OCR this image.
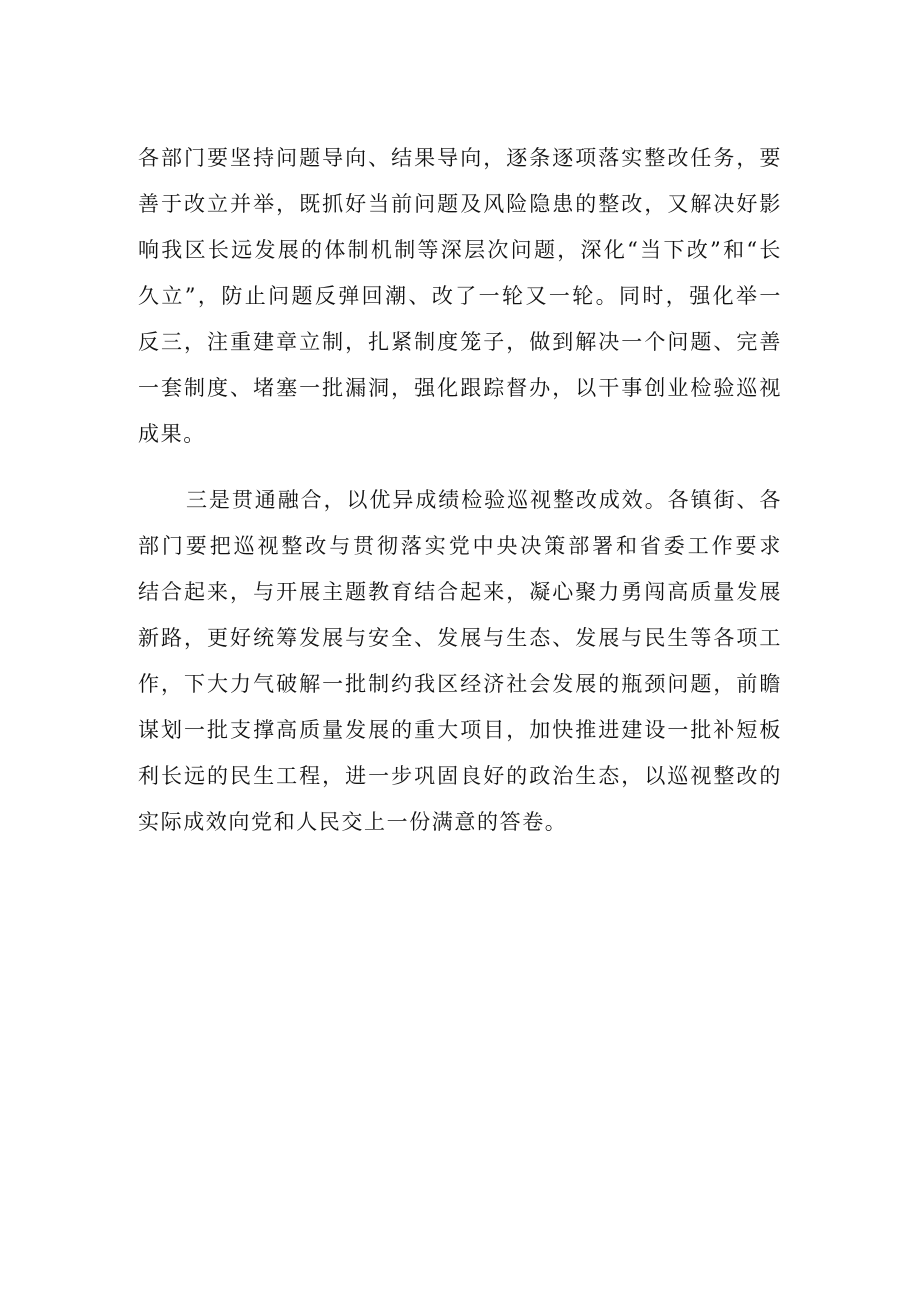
各部门要坚持问题导向、结果导向，逐条逐项落实整改任务，要
善于改立并举，既抓好当前问题及风险隐患的整改，又解决好影
响我区长远发展的体制机制等深层次问题，深化“当下改”和“长
久立”，防止问题反弹回潮、改了一轮又一轮。同时，强化举一
反三，注重建章立制，扎紧制度笼子，做到解决一个问题、完善
一套制度、堵塞一批漏洞，强化跟踪督办，以干事创业检验巡视
成果。
三是贯通融合，以优异成绩检验巡视整改成效。各镇街、各
部门要把巡视整改与贯彻落实党中央决策部署和省委工作要求
结合起来，与开展主题教育结合起来，凝心聚力勇闯高质量发展
新路，更好统筹发展与安全、发展与生态、发展与民生等各项工
作，下大力气破解一批制约我区经济社会发展的瓶颈问题，前瞻
谋划一批支撑高质量发展的重大项目，加快推进建设一批补短板
利长远的民生工程，进一步巩固良好的政治生态，以巡视整改的
实际成效向党和人民交上一份满意的答卷。
